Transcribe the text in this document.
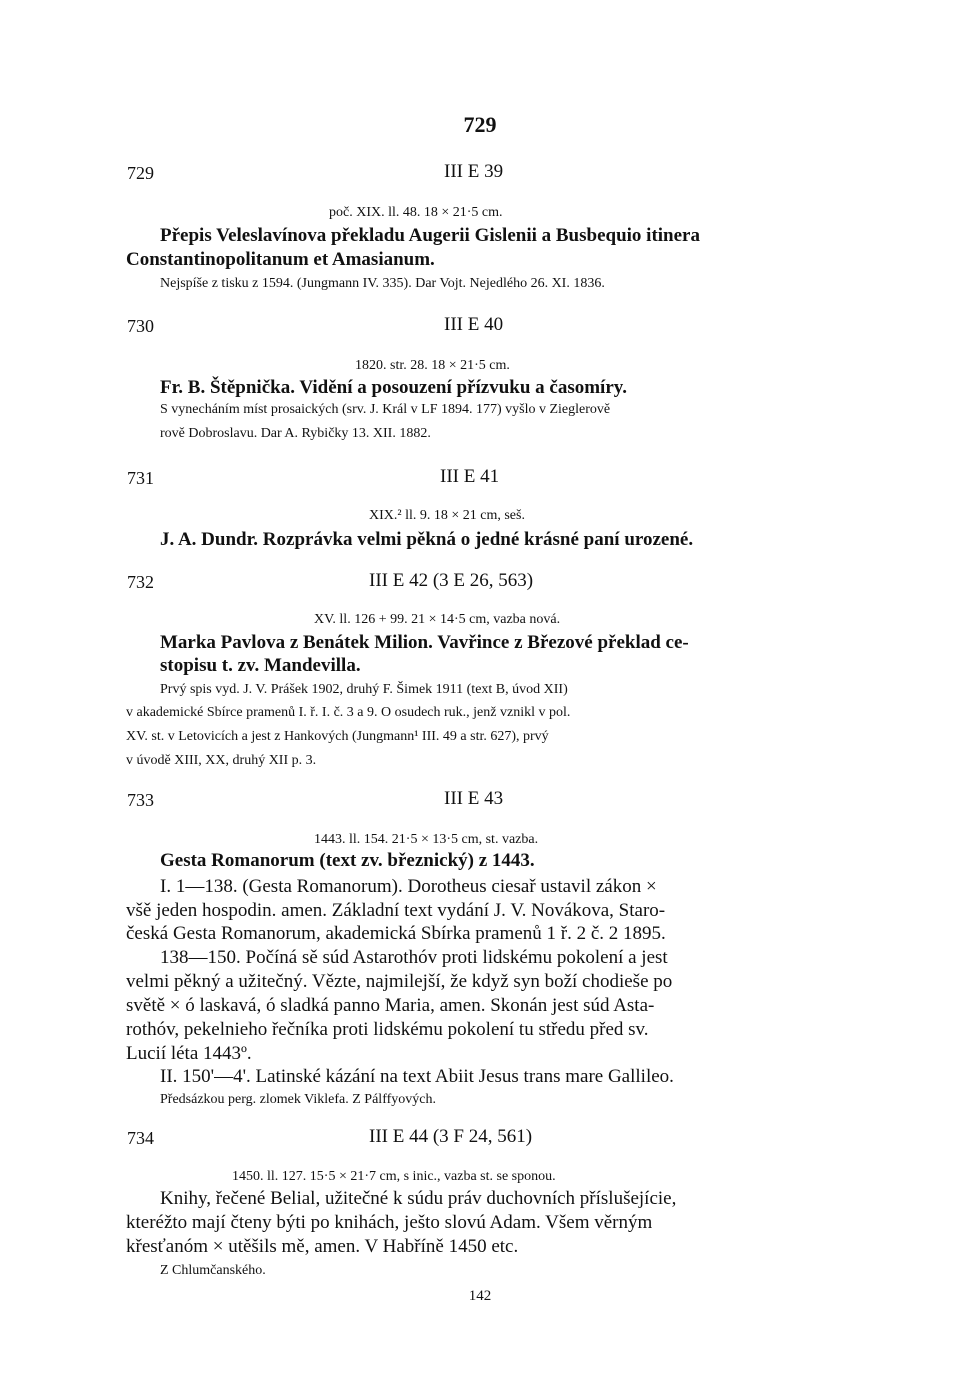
729
729	III E 39
poč. XIX. ll. 48. 18 × 21·5 cm.
Přepis Veleslavínova překladu Augerii Gislenii a Busbequio itinera
Constantinopolitanum et Amasianum.
Nejspíše z tisku z 1594. (Jungmann IV. 335). Dar Vojt. Nejedlého 26. XI. 1836.
730	III E 40
1820. str. 28. 18 × 21·5 cm.
Fr. B. Štěpnička. Vidění a posouzení přízvuku a časomíry.
S vynecháním míst prosaických (srv. J. Král v LF 1894. 177) vyšlo v Zieglerově
rově Dobroslavu. Dar A. Rybičky 13. XII. 1882.
731	III E 41
XIX.² ll. 9. 18 × 21 cm, seš.
J. A. Dundr. Rozprávka velmi pěkná o jedné krásné paní urozené.
732	III E 42 (3 E 26, 563)
XV. ll. 126 + 99. 21 × 14·5 cm, vazba nová.
Marka Pavlova z Benátek Milion. Vavřince z Březové překlad ce-
stopisu t. zv. Mandevilla.
Prvý spis vyd. J. V. Prášek 1902, druhý F. Šimek 1911 (text B, úvod XII)
v akademické Sbírce pramenů I. ř. I. č. 3 a 9. O osudech ruk., jenž vznikl v pol.
XV. st. v Letovicích a jest z Hankových (Jungmann¹ III. 49 a str. 627), prvý
v úvodě XIII, XX, druhý XII p. 3.
733	III E 43
1443. ll. 154. 21·5 × 13·5 cm, st. vazba.
Gesta Romanorum (text zv. březnický) z 1443.
I. 1—138. (Gesta Romanorum). Dorotheus ciesař ustavil zákon ×
všě jeden hospodin. amen. Základní text vydání J. V. Novákova, Staro-
česká Gesta Romanorum, akademická Sbírka pramenů 1 ř. 2 č. 2 1895.
138—150. Počíná sě súd Astarothóv proti lidskému pokolení a jest
velmi pěkný a užitečný. Vězte, najmilejší, že když syn boží chodieše po
světě × ó laskavá, ó sladká panno Maria, amen. Skonán jest súd Asta-
rothóv, pekelnieho řečníka proti lidskému pokolení tu středu před sv.
Lucií léta 1443º.
II. 150'—4'. Latinské kázání na text Abiit Jesus trans mare Gallileo.
Předsázkou perg. zlomek Viklefa. Z Pálffyových.
734	III E 44 (3 F 24, 561)
1450. ll. 127. 15·5 × 21·7 cm, s inic., vazba st. se sponou.
Knihy, řečené Belial, užitečné k súdu práv duchovních příslušejície,
kteréžto mají čteny býti po knihách, ješto slovú Adam. Všem věrným
křesťanóm × utěšils mě, amen. V Habříně 1450 etc.
Z Chlumčanského.
142
